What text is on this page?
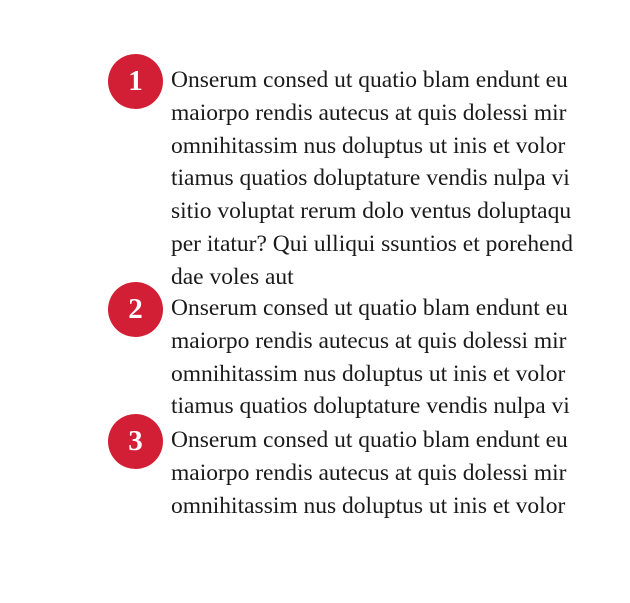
1	Onserum consed ut quatio blam endunt eu
maiorpo rendis autecus at quis dolessi mir
omnihitassim nus doluptus ut inis et volor
tiamus quatios doluptature vendis nulpa vi
sitio voluptat rerum dolo ventus doluptaqu
per itatur? Qui ulliqui ssuntios et porehend
dae voles aut
2	Onserum consed ut quatio blam endunt eu
maiorpo rendis autecus at quis dolessi mir
omnihitassim nus doluptus ut inis et volor
tiamus quatios doluptature vendis nulpa vi
3	Onserum consed ut quatio blam endunt eu
maiorpo rendis autecus at quis dolessi mir
omnihitassim nus doluptus ut inis et volor
